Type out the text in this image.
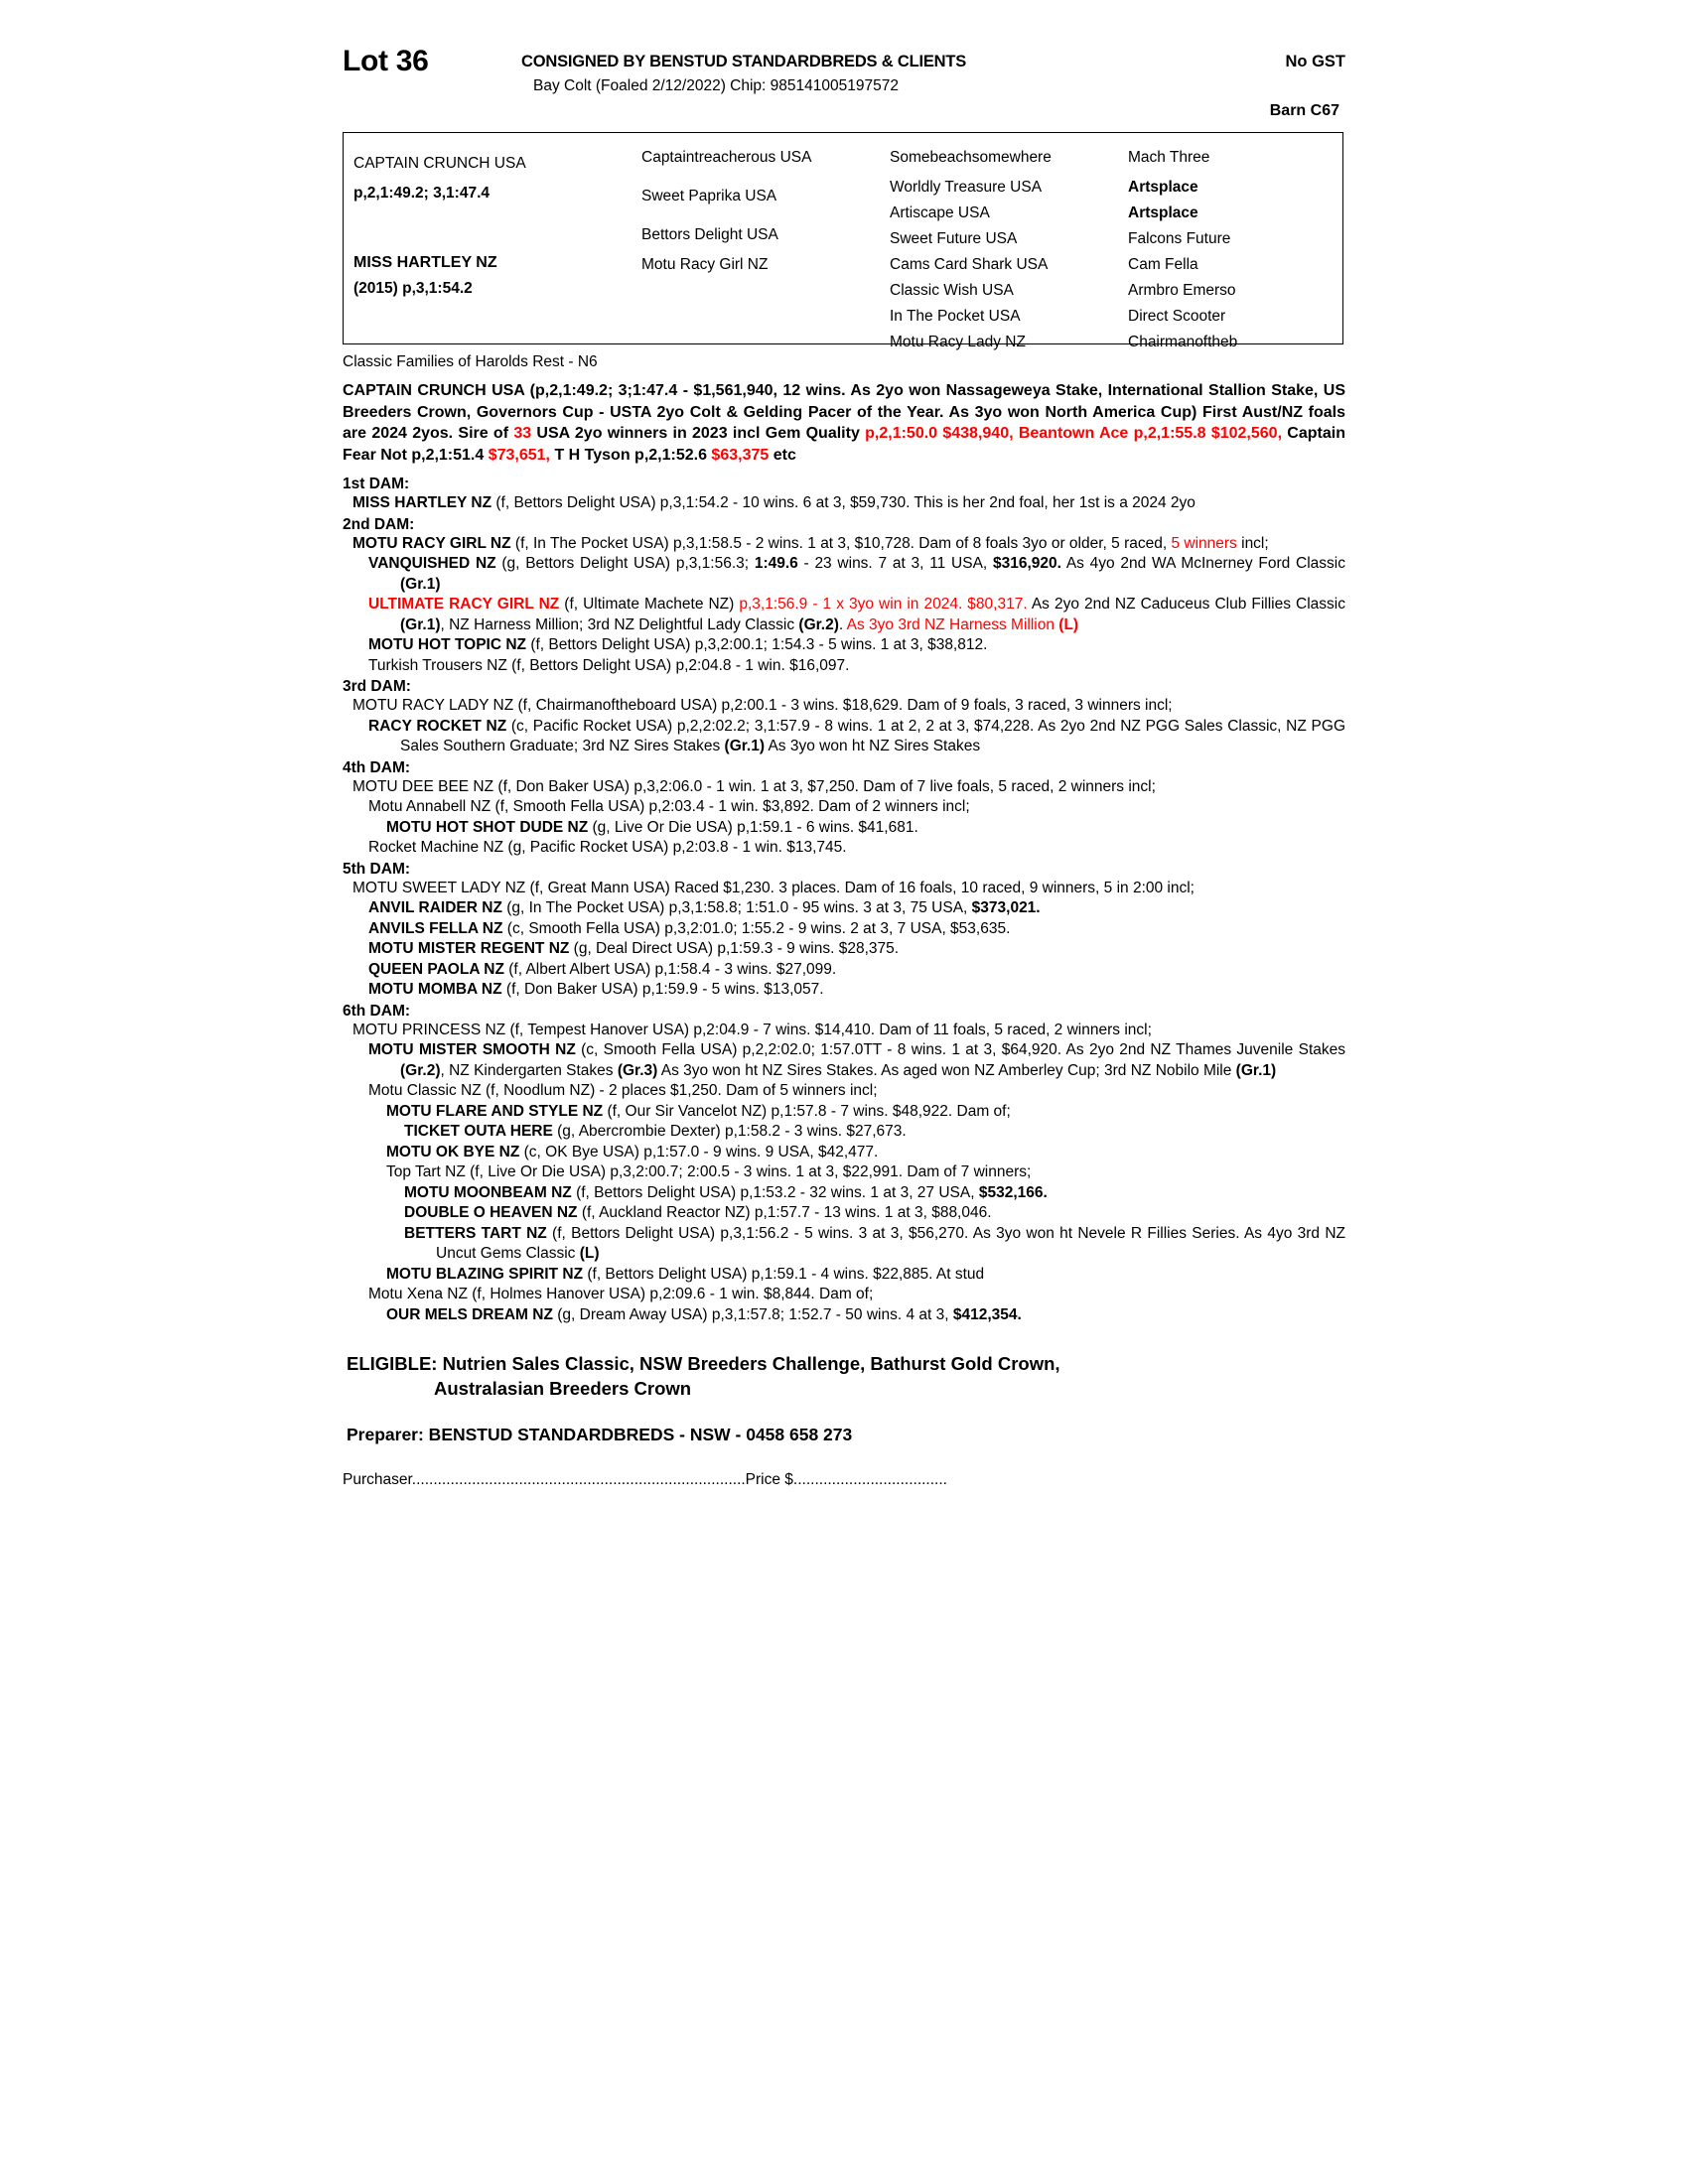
Lot 36	CONSIGNED BY BENSTUD STANDARDBREDS & CLIENTS	No GST
Bay Colt (Foaled 2/12/2022) Chip: 985141005197572
Barn C67
CAPTAIN CRUNCH USA
p,2,1:49.2; 3,1:47.4
MISS HARTLEY NZ
(2015) p,3,1:54.2
Captaintreacherous USA
Sweet Paprika USA
Bettors Delight USA
Motu Racy Girl NZ
Somebeachsomewhere
Worldly Treasure USA
Artiscape USA
Sweet Future USA
Cams Card Shark USA
Classic Wish USA
In The Pocket USA
Motu Racy Lady NZ
Mach Three
Artsplace
Artsplace
Falcons Future
Cam Fella
Armbro Emerso
Direct Scooter
Chairmanoftheb
Classic Families of Harolds Rest - N6
CAPTAIN CRUNCH USA (p,2,1:49.2; 3;1:47.4 - $1,561,940, 12 wins. As 2yo won Nassageweya Stake, International Stallion Stake, US Breeders Crown, Governors Cup - USTA 2yo Colt & Gelding Pacer of the Year. As 3yo won North America Cup) First Aust/NZ foals are 2024 2yos. Sire of 33 USA 2yo winners in 2023 incl Gem Quality p,2,1:50.0 $438,940, Beantown Ace p,2,1:55.8 $102,560, Captain Fear Not p,2,1:51.4 $73,651, T H Tyson p,2,1:52.6 $63,375 etc
1st DAM:

MISS HARTLEY NZ (f, Bettors Delight USA) p,3,1:54.2 - 10 wins. 6 at 3, $59,730. This is her 2nd foal, her 1st is a 2024 2yo

2nd DAM:

MOTU RACY GIRL NZ (f, In The Pocket USA) p,3,1:58.5 - 2 wins. 1 at 3, $10,728. Dam of 8 foals 3yo or older, 5 raced, 5 winners incl;

VANQUISHED NZ (g, Bettors Delight USA) p,3,1:56.3; 1:49.6 - 23 wins. 7 at 3, 11 USA, $316,920. As 4yo 2nd WA McInerney Ford Classic (Gr.1)

ULTIMATE RACY GIRL NZ (f, Ultimate Machete NZ) p,3,1:56.9 - 1 x 3yo win in 2024. $80,317. As 2yo 2nd NZ Caduceus Club Fillies Classic (Gr.1), NZ Harness Million; 3rd NZ Delightful Lady Classic (Gr.2). As 3yo 3rd NZ Harness Million (L)

MOTU HOT TOPIC NZ (f, Bettors Delight USA) p,3,2:00.1; 1:54.3 - 5 wins. 1 at 3, $38,812.

Turkish Trousers NZ (f, Bettors Delight USA) p,2:04.8 - 1 win. $16,097.

3rd DAM:

MOTU RACY LADY NZ (f, Chairmanoftheboard USA) p,2:00.1 - 3 wins. $18,629. Dam of 9 foals, 3 raced, 3 winners incl;

RACY ROCKET NZ (c, Pacific Rocket USA) p,2,2:02.2; 3,1:57.9 - 8 wins. 1 at 2, 2 at 3, $74,228. As 2yo 2nd NZ PGG Sales Classic, NZ PGG Sales Southern Graduate; 3rd NZ Sires Stakes (Gr.1) As 3yo won ht NZ Sires Stakes

4th DAM:

MOTU DEE BEE NZ (f, Don Baker USA) p,3,2:06.0 - 1 win. 1 at 3, $7,250. Dam of 7 live foals, 5 raced, 2 winners incl;

Motu Annabell NZ (f, Smooth Fella USA) p,2:03.4 - 1 win. $3,892. Dam of 2 winners incl;

MOTU HOT SHOT DUDE NZ (g, Live Or Die USA) p,1:59.1 - 6 wins. $41,681.

Rocket Machine NZ (g, Pacific Rocket USA) p,2:03.8 - 1 win. $13,745.

5th DAM:

MOTU SWEET LADY NZ (f, Great Mann USA) Raced $1,230. 3 places. Dam of 16 foals, 10 raced, 9 winners, 5 in 2:00 incl;

ANVIL RAIDER NZ (g, In The Pocket USA) p,3,1:58.8; 1:51.0 - 95 wins. 3 at 3, 75 USA, $373,021.

ANVILS FELLA NZ (c, Smooth Fella USA) p,3,2:01.0; 1:55.2 - 9 wins. 2 at 3, 7 USA, $53,635.

MOTU MISTER REGENT NZ (g, Deal Direct USA) p,1:59.3 - 9 wins. $28,375.

QUEEN PAOLA NZ (f, Albert Albert USA) p,1:58.4 - 3 wins. $27,099.

MOTU MOMBA NZ (f, Don Baker USA) p,1:59.9 - 5 wins. $13,057.

6th DAM:

MOTU PRINCESS NZ (f, Tempest Hanover USA) p,2:04.9 - 7 wins. $14,410. Dam of 11 foals, 5 raced, 2 winners incl;

MOTU MISTER SMOOTH NZ (c, Smooth Fella USA) p,2,2:02.0; 1:57.0TT - 8 wins. 1 at 3, $64,920. As 2yo 2nd NZ Thames Juvenile Stakes (Gr.2), NZ Kindergarten Stakes (Gr.3) As 3yo won ht NZ Sires Stakes. As aged won NZ Amberley Cup; 3rd NZ Nobilo Mile (Gr.1)

Motu Classic NZ (f, Noodlum NZ) - 2 places $1,250. Dam of 5 winners incl;

MOTU FLARE AND STYLE NZ (f, Our Sir Vancelot NZ) p,1:57.8 - 7 wins. $48,922. Dam of;

TICKET OUTA HERE (g, Abercrombie Dexter) p,1:58.2 - 3 wins. $27,673.

MOTU OK BYE NZ (c, OK Bye USA) p,1:57.0 - 9 wins. 9 USA, $42,477.

Top Tart NZ (f, Live Or Die USA) p,3,2:00.7; 2:00.5 - 3 wins. 1 at 3, $22,991. Dam of 7 winners;

MOTU MOONBEAM NZ (f, Bettors Delight USA) p,1:53.2 - 32 wins. 1 at 3, 27 USA, $532,166.

DOUBLE O HEAVEN NZ (f, Auckland Reactor NZ) p,1:57.7 - 13 wins. 1 at 3, $88,046.

BETTERS TART NZ (f, Bettors Delight USA) p,3,1:56.2 - 5 wins. 3 at 3, $56,270. As 3yo won ht Nevele R Fillies Series. As 4yo 3rd NZ Uncut Gems Classic (L)

MOTU BLAZING SPIRIT NZ (f, Bettors Delight USA) p,1:59.1 - 4 wins. $22,885. At stud

Motu Xena NZ (f, Holmes Hanover USA) p,2:09.6 - 1 win. $8,844. Dam of;

OUR MELS DREAM NZ (g, Dream Away USA) p,3,1:57.8; 1:52.7 - 50 wins. 4 at 3, $412,354.

ELIGIBLE: Nutrien Sales Classic, NSW Breeders Challenge, Bathurst Gold Crown,
Australasian Breeders Crown
Preparer: BENSTUD STANDARDBREDS - NSW - 0458 658 273
Purchaser..............................................................................Price $....................................
